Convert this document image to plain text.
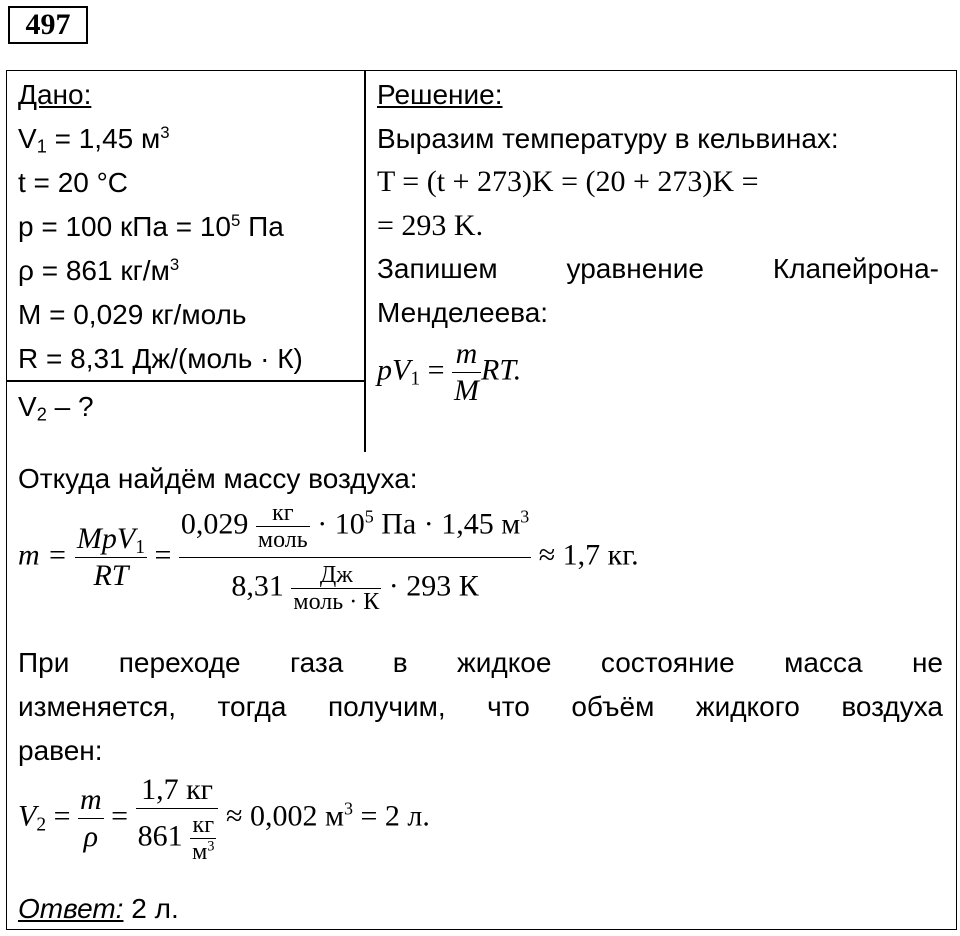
497
Дано:
$V_1 = 1,45$ $м^3$
t = 20 °C
p = 100 кПа = $10^5$ Па
ρ = 861 $кг/м^3$
M = 0,029 кг/моль
R = 8,31 Дж/(моль · К)
$V_2$ – ?
Решение:
Выразим температуру в кельвинах:
T = (t + 273)K = (20 + 273)K =
= 293 K.
Запишем уравнение Клапейрона-
Менделеева:
$pV_1 = \frac{m}{M}$ RT.
Откуда найдём массу воздуха:
$m = \frac{MpV_1}{RT} = \frac{0,029 \frac{кг}{\text{моль}} \cdot 10^5 Па \cdot 1,45 м^3}{8,31 \frac{Дж}{\text{моль · К}} \cdot 293 К} \approx 1,7$ кг.
При переходе газа в жидкое состояние масса не
изменяется, тогда получим, что объём жидкого воздуха
равен:
$V_2 = \frac{m}{\rho} = \frac{1,7 кг}{861 \frac{кг}{м^3}} \approx 0,002$ $м^3 = 2$ л.
Ответ: 2 л.
